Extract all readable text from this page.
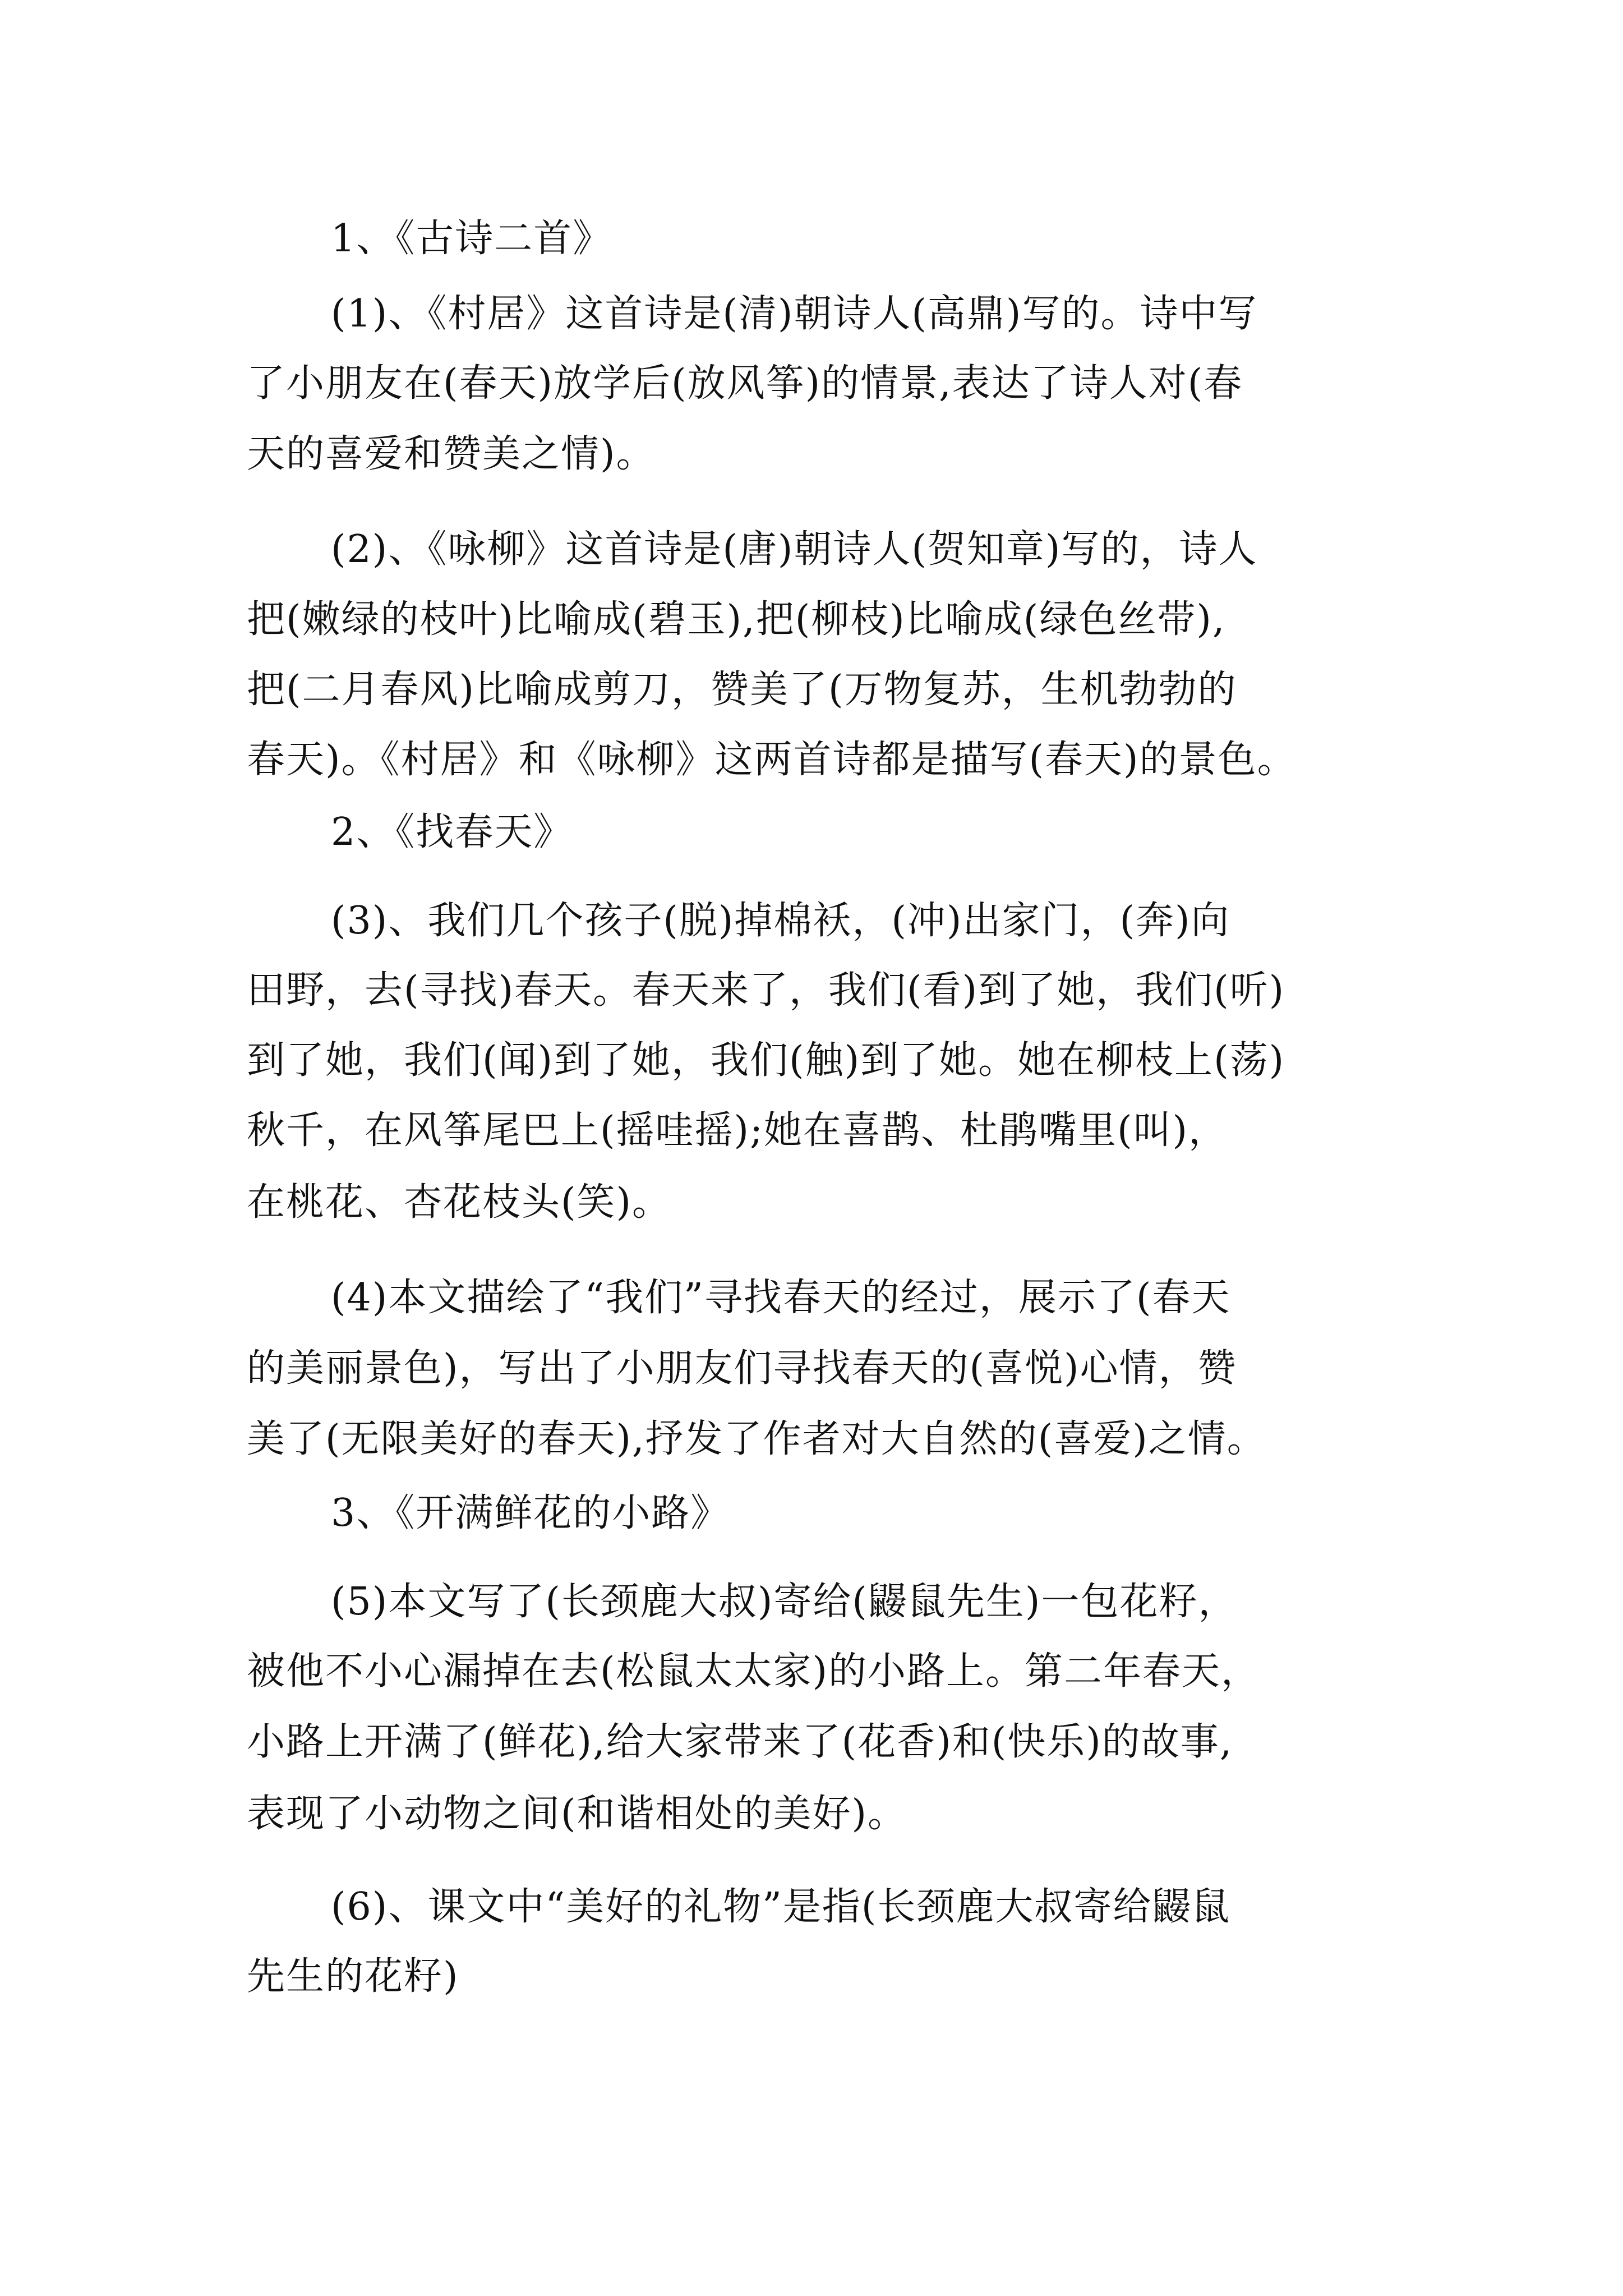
1、《古诗二首》
(1)、《村居》这首诗是(清)朝诗人(高鼎)写的。诗中写
了小朋友在(春天)放学后(放风筝)的情景,表达了诗人对(春
天的喜爱和赞美之情)。
(2)、《咏柳》这首诗是(唐)朝诗人(贺知章)写的，诗人
把(嫩绿的枝叶)比喻成(碧玉),把(柳枝)比喻成(绿色丝带),
把(二月春风)比喻成剪刀，赞美了(万物复苏，生机勃勃的
春天)。《村居》和《咏柳》这两首诗都是描写(春天)的景色。
2、《找春天》
(3)、我们几个孩子(脱)掉棉袄，(冲)出家门，(奔)向
田野，去(寻找)春天。春天来了，我们(看)到了她，我们(听)
到了她，我们(闻)到了她，我们(触)到了她。她在柳枝上(荡)
秋千，在风筝尾巴上(摇哇摇);她在喜鹊、杜鹃嘴里(叫)，
在桃花、杏花枝头(笑)。
(4)本文描绘了“我们”寻找春天的经过，展示了(春天
的美丽景色)，写出了小朋友们寻找春天的(喜悦)心情，赞
美了(无限美好的春天),抒发了作者对大自然的(喜爱)之情。
3、《开满鲜花的小路》
(5)本文写了(长颈鹿大叔)寄给(鼹鼠先生)一包花籽，
被他不小心漏掉在去(松鼠太太家)的小路上。第二年春天，
小路上开满了(鲜花),给大家带来了(花香)和(快乐)的故事,
表现了小动物之间(和谐相处的美好)。
(6)、课文中“美好的礼物”是指(长颈鹿大叔寄给鼹鼠
先生的花籽)
